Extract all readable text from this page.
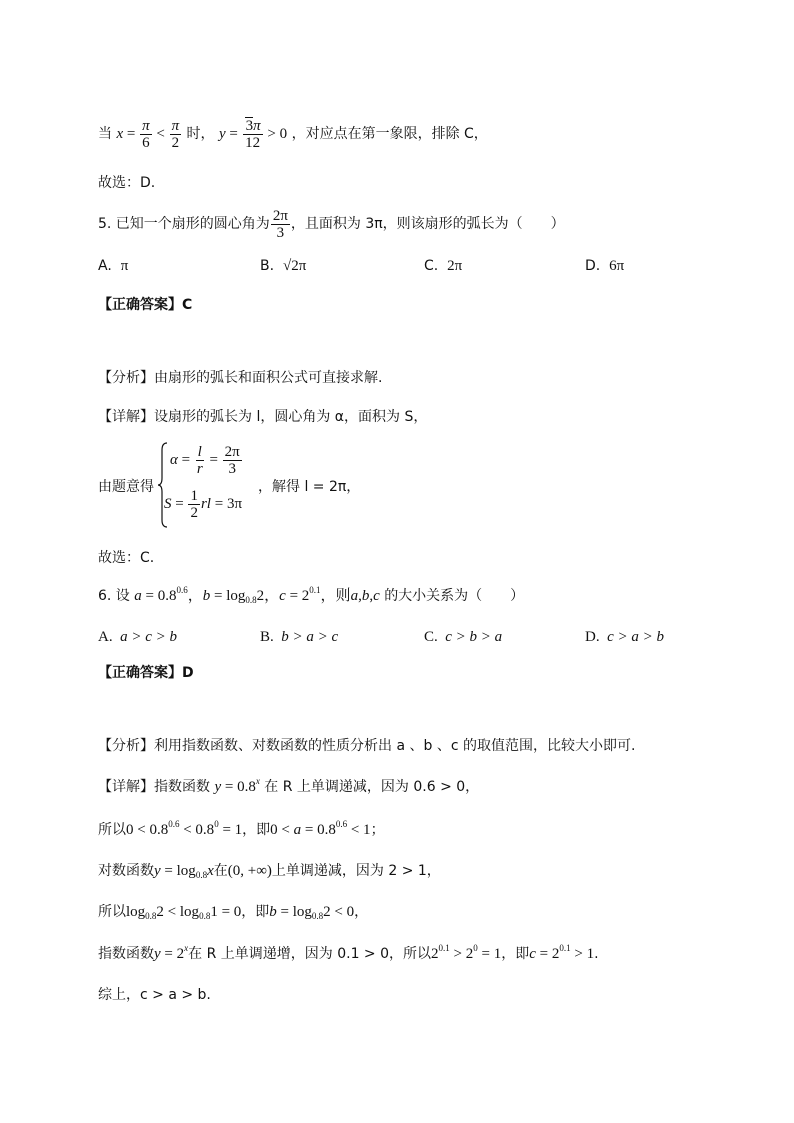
当 $x = \frac{\pi}{6} < \frac{\pi}{2}$ 时， $y = \frac{3\pi}{12} > 0$ ，对应点在第一象限，排除 C，
故选：D.
5. 已知一个扇形的圆心角为 $\frac{2\pi}{3}$ ，且面积为 3π，则该扇形的弧长为（　　）
A. π	B. √2π	C. 2π	D. 6π
【正确答案】C
【分析】由扇形的弧长和面积公式可直接求解.
【详解】设扇形的弧长为 l，圆心角为 α，面积为 S，
由题意得
$\alpha = \frac{l}{r} = \frac{2\pi}{3}$
$S = \frac{1}{2}$ rl = 3π
，解得 l = 2π，
故选：C.
6. 设 $a = 0.8^{0.6}$，$b = \log_{0.8}2$，$c = 2^{0.1}$，则a,b,c 的大小关系为（　　）
A. a > c > b	B. b > a > c	C. c > b > a	D. c > a > b
【正确答案】D
【分析】利用指数函数、对数函数的性质分析出 a 、b 、c 的取值范围，比较大小即可.
【详解】指数函数 $y = 0.8^x$ 在 R 上单调递减，因为 0.6 > 0，
所以$0 < 0.8^{0.6} < 0.8^0 = 1$，即$0 < a = 0.8^{0.6} < 1$；
对数函数$y = \log_{0.8}x$在(0, +∞)上单调递减，因为 2 > 1，
所以$\log_{0.8}2 < \log_{0.8}1 = 0$，即$b = \log_{0.8}2 < 0$，
指数函数$y = 2^x$在 R 上单调递增，因为 0.1 > 0，所以$2^{0.1} > 2^0 = 1$，即$c = 2^{0.1} > 1$.
综上，c > a > b.
